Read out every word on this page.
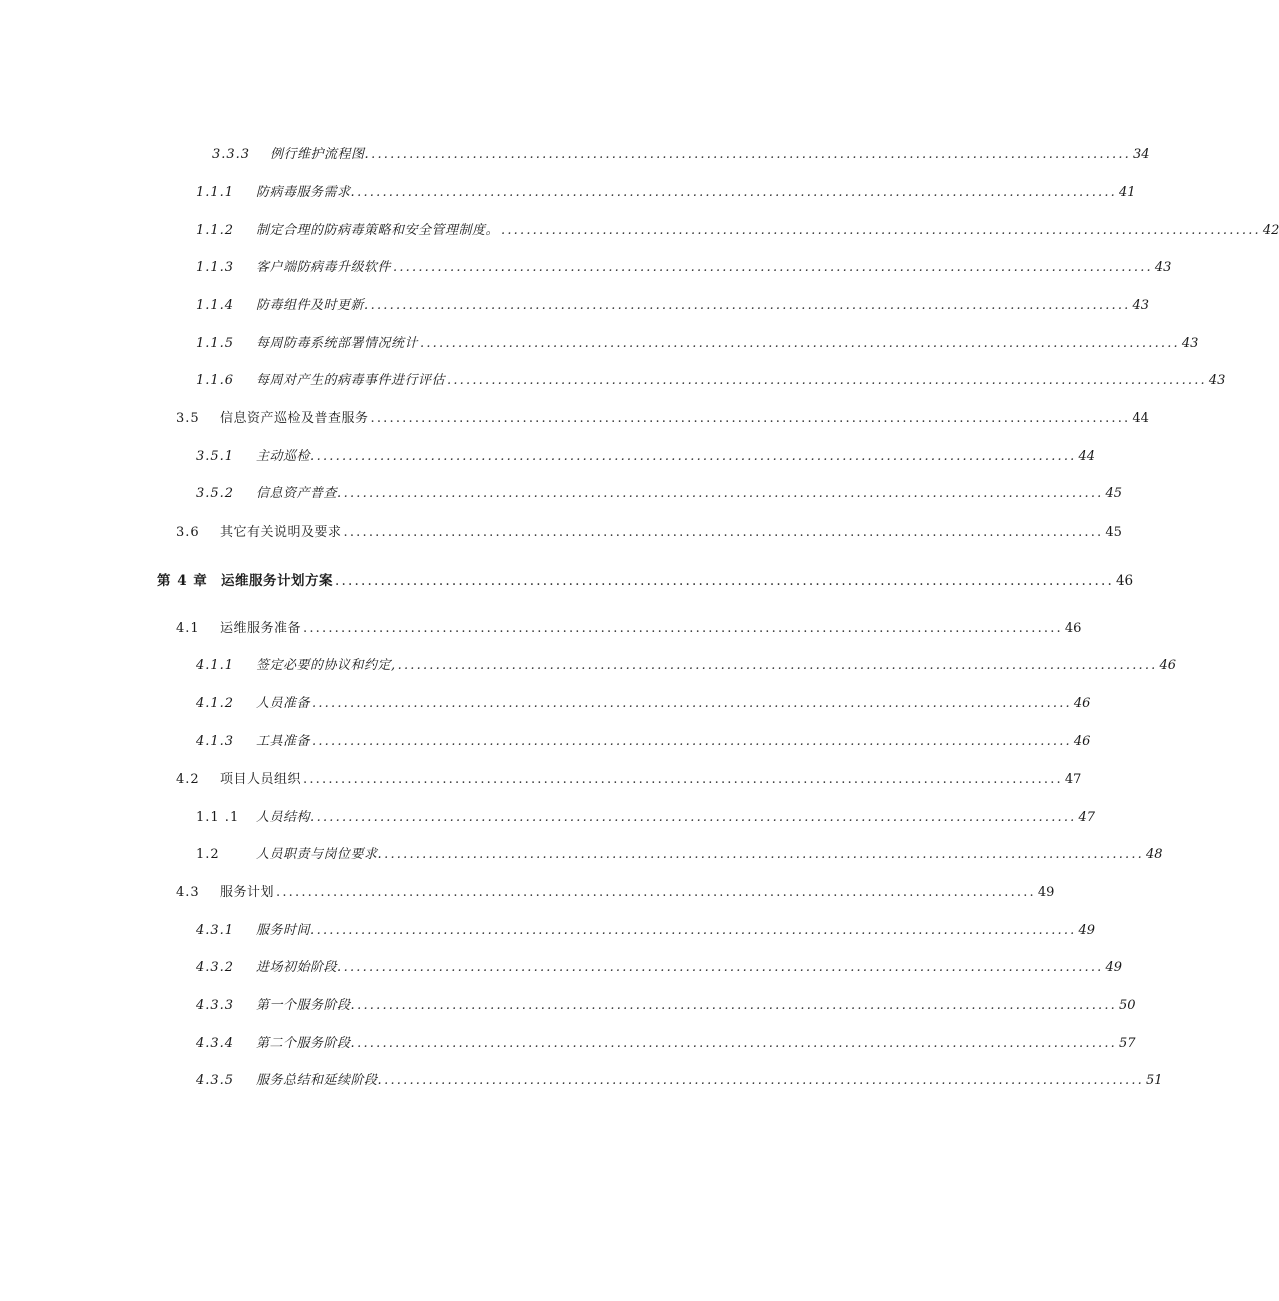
3.3.3	例行维护流程图. ........................................................................................................................ 34
1.1.1	防病毒服务需求. ........................................................................................................................ 41
1.1.2	制定合理的防病毒策略和安全管理制度。 ........................................................................................................................ 42
1.1.3	客户端防病毒升级软件 ........................................................................................................................ 43
1.1.4	防毒组件及时更新. ........................................................................................................................ 43
1.1.5	每周防毒系统部署情况统计 ........................................................................................................................ 43
1.1.6	每周对产生的病毒事件进行评估 ........................................................................................................................ 43
3.5	信息资产巡检及普查服务 ........................................................................................................................ 44
3.5.1	主动巡检. ........................................................................................................................ 44
3.5.2	信息资产普查. ........................................................................................................................ 45
3.6	其它有关说明及要求 ........................................................................................................................ 45
第 4 章 运维服务计划方案 ........................................................................................................................ 46
4.1	运维服务准备 ........................................................................................................................ 46
4.1.1	签定必要的协议和约定, ........................................................................................................................ 46
4.1.2	人员准备 ........................................................................................................................ 46
4.1.3	工具准备 ........................................................................................................................ 46
4.2	项目人员组织 ........................................................................................................................ 47
1.1 .1	人员结构. ........................................................................................................................ 47
1.2	人员职责与岗位要求. ........................................................................................................................ 48
4.3	服务计划 ........................................................................................................................ 49
4.3.1	服务时间. ........................................................................................................................ 49
4.3.2	进场初始阶段. ........................................................................................................................ 49
4.3.3	第一个服务阶段. ........................................................................................................................ 50
4.3.4	第二个服务阶段. ........................................................................................................................ 57
4.3.5	服务总结和延续阶段. ........................................................................................................................ 51
